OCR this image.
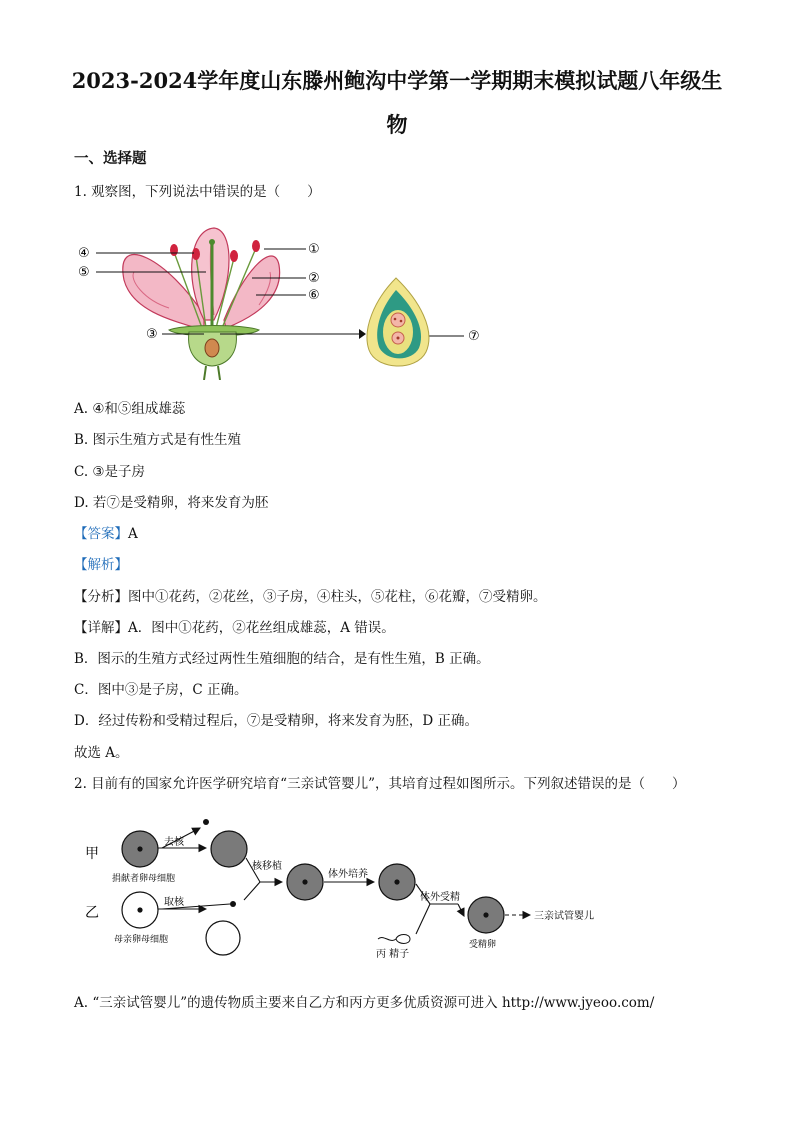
2023-2024学年度山东滕州鲍沟中学第一学期期末模拟试题八年级生
物
一、选择题
1. 观察图，下列说法中错误的是（　　）
④
⑤
③
①
②
⑥
⑦
A. ④和⑤组成雄蕊
B. 图示生殖方式是有性生殖
C. ③是子房
D. 若⑦是受精卵，将来发育为胚
【答案】A
【解析】
【分析】图中①花药，②花丝，③子房，④柱头，⑤花柱，⑥花瓣，⑦受精卵。
【详解】A．图中①花药，②花丝组成雄蕊，A 错误。
B．图示的生殖方式经过两性生殖细胞的结合，是有性生殖，B 正确。
C．图中③是子房，C 正确。
D．经过传粉和受精过程后，⑦是受精卵，将来发育为胚，D 正确。
故选 A。
2. 目前有的国家允许医学研究培育“三亲试管婴儿”，其培育过程如图所示。下列叙述错误的是（　　）
甲
乙
去核
取核
捐献者卵母细胞
母亲卵母细胞
核移植
体外培养
体外受精
受精卵
三亲试管婴儿
丙 精子
A. “三亲试管婴儿”的遗传物质主要来自乙方和丙方更多优质资源可进入 http://www.jyeoo.com/
